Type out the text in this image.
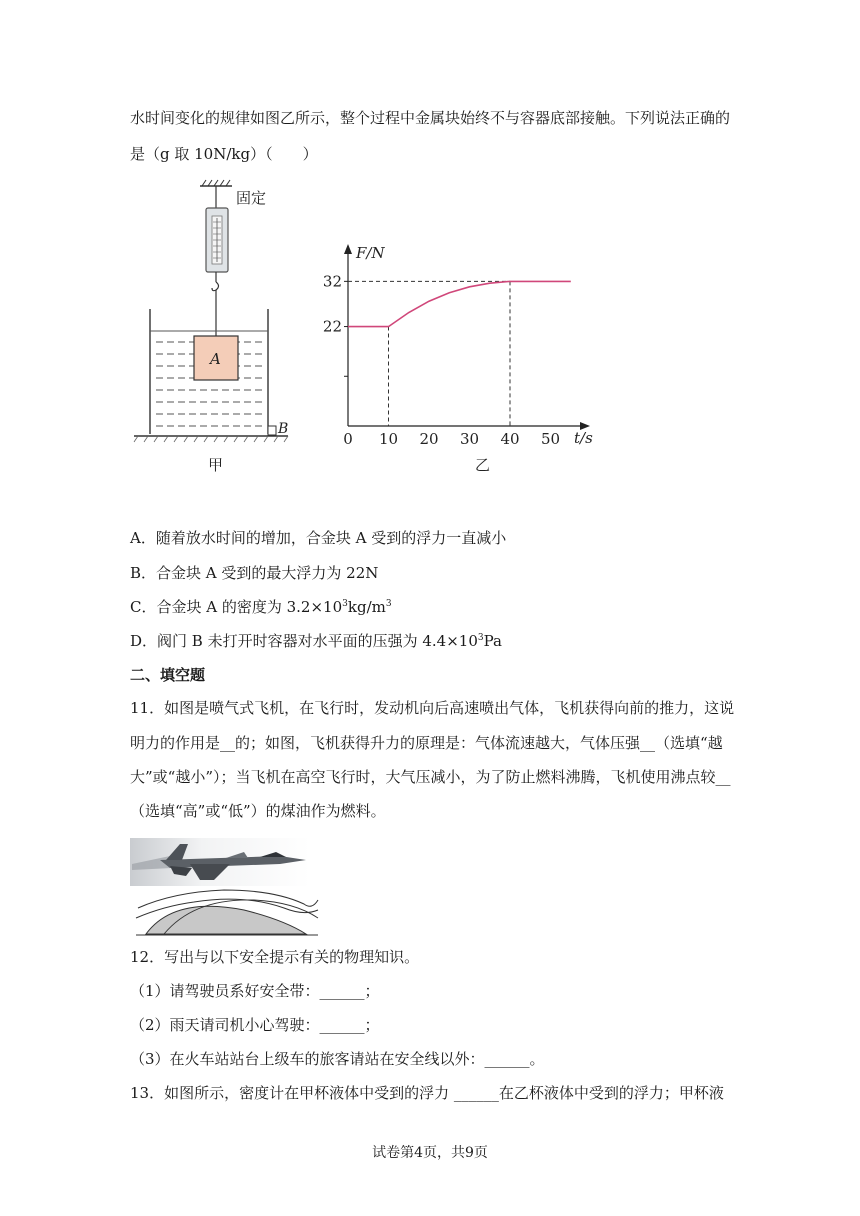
水时间变化的规律如图乙所示，整个过程中金属块始终不与容器底部接触。下列说法正确的
是（g 取 10N/kg）（　　）
固定
A
B
甲
22
32
0 10 20 30 40 50
F/N
t/s
乙
A．随着放水时间的增加，合金块 A 受到的浮力一直减小
B．合金块 A 受到的最大浮力为 22N
C．合金块 A 的密度为 $3.2\times 10^3kg/m^3$
D．阀门 B 未打开时容器对水平面的压强为 $4.4\times 10^3Pa$
二、填空题
11．如图是喷气式飞机，在飞行时，发动机向后高速喷出气体，飞机获得向前的推力，这说
明力的作用是__的；如图，飞机获得升力的原理是：气体流速越大，气体压强__（选填“越
大”或“越小”）；当飞机在高空飞行时，大气压减小，为了防止燃料沸腾，飞机使用沸点较__
（选填“高”或“低”）的煤油作为燃料。
12．写出与以下安全提示有关的物理知识。
（1）请驾驶员系好安全带：______；
（2）雨天请司机小心驾驶：______；
（3）在火车站站台上级车的旅客请站在安全线以外：______。
13．如图所示，密度计在甲杯液体中受到的浮力 ______在乙杯液体中受到的浮力；甲杯液
试卷第4页，共9页
